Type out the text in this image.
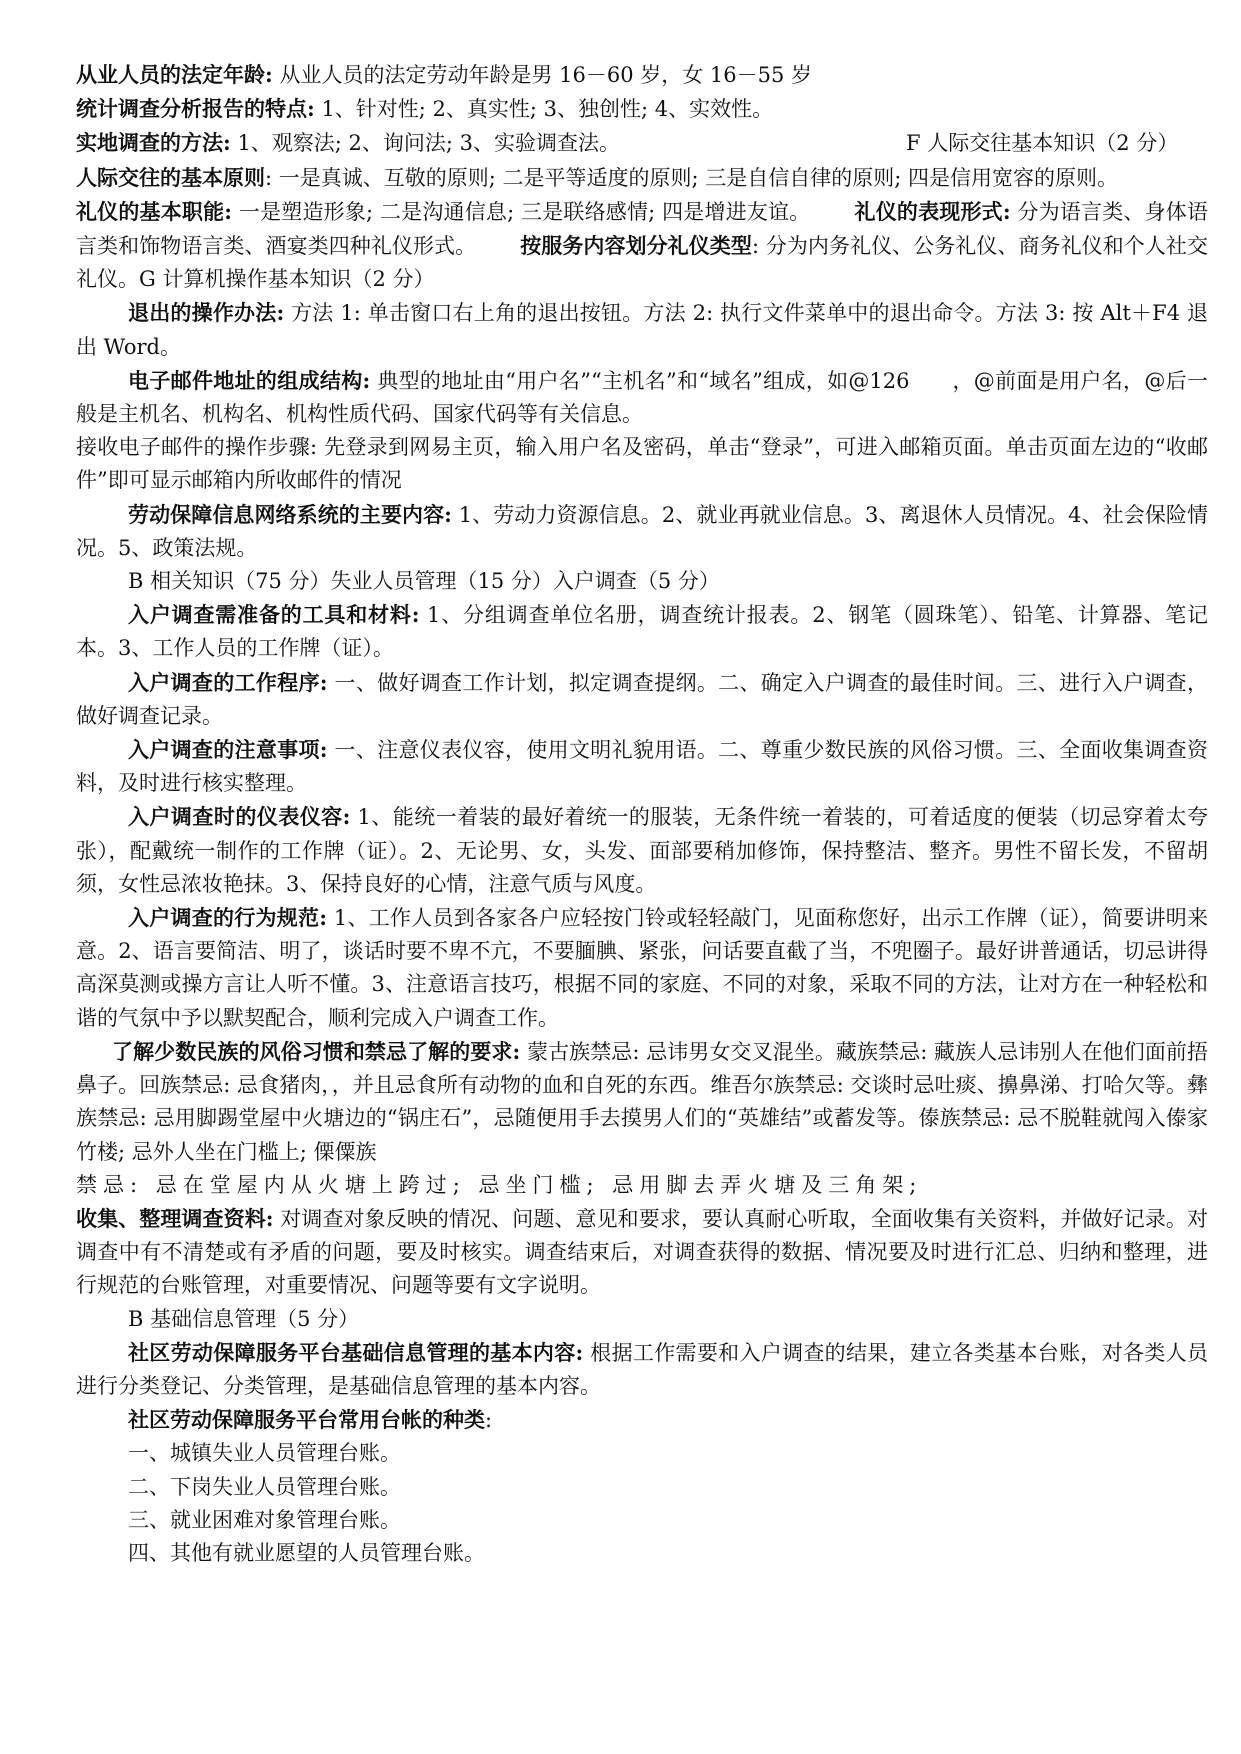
从业人员的法定年龄: 从业人员的法定劳动年龄是男 16－60 岁，女 16－55 岁

统计调查分析报告的特点: 1、针对性; 2、真实性; 3、独创性; 4、实效性。

实地调查的方法: 1、观察法; 2、询问法; 3、实验调查法。	F 人际交往基本知识（2 分）

人际交往的基本原则: 一是真诚、互敬的原则; 二是平等适度的原则; 三是自信自律的原则; 四是信用宽容的原则。

礼仪的基本职能: 一是塑造形象; 二是沟通信息; 三是联络感情; 四是增进友谊。 礼仪的表现形式: 分为语言类、身体语言类和饰物语言类、酒宴类四种礼仪形式。 按服务内容划分礼仪类型: 分为内务礼仪、公务礼仪、商务礼仪和个人社交礼仪。G 计算机操作基本知识（2 分）

退出的操作办法: 方法 1: 单击窗口右上角的退出按钮。方法 2: 执行文件菜单中的退出命令。方法 3: 按 Alt＋F4 退出 Word。

电子邮件地址的组成结构: 典型的地址由“用户名”“主机名”和“域名”组成，如@126　　，@前面是用户名，@后一般是主机名、机构名、机构性质代码、国家代码等有关信息。

接收电子邮件的操作步骤: 先登录到网易主页，输入用户名及密码，单击“登录”，可进入邮箱页面。单击页面左边的“收邮件”即可显示邮箱内所收邮件的情况

劳动保障信息网络系统的主要内容: 1、劳动力资源信息。2、就业再就业信息。3、离退休人员情况。4、社会保险情况。5、政策法规。

B 相关知识（75 分）失业人员管理（15 分）入户调查（5 分）

入户调查需准备的工具和材料: 1、分组调查单位名册，调查统计报表。2、钢笔（圆珠笔）、铅笔、计算器、笔记本。3、工作人员的工作牌（证）。

入户调查的工作程序: 一、做好调查工作计划，拟定调查提纲。二、确定入户调查的最佳时间。三、进行入户调查，做好调查记录。

入户调查的注意事项: 一、注意仪表仪容，使用文明礼貌用语。二、尊重少数民族的风俗习惯。三、全面收集调查资料，及时进行核实整理。

入户调查时的仪表仪容: 1、能统一着装的最好着统一的服装，无条件统一着装的，可着适度的便装（切忌穿着太夸张），配戴统一制作的工作牌（证）。2、无论男、女，头发、面部要稍加修饰，保持整洁、整齐。男性不留长发，不留胡须，女性忌浓妆艳抹。3、保持良好的心情，注意气质与风度。

入户调查的行为规范: 1、工作人员到各家各户应轻按门铃或轻轻敲门，见面称您好，出示工作牌（证），简要讲明来意。2、语言要简洁、明了，谈话时要不卑不亢，不要腼腆、紧张，问话要直截了当，不兜圈子。最好讲普通话，切忌讲得高深莫测或操方言让人听不懂。3、注意语言技巧，根据不同的家庭、不同的对象，采取不同的方法，让对方在一种轻松和谐的气氛中予以默契配合，顺利完成入户调查工作。

了解少数民族的风俗习惯和禁忌了解的要求: 蒙古族禁忌: 忌讳男女交叉混坐。藏族禁忌: 藏族人忌讳别人在他们面前捂鼻子。回族禁忌: 忌食猪肉，，并且忌食所有动物的血和自死的东西。维吾尔族禁忌: 交谈时忌吐痰、擤鼻涕、打哈欠等。彝族禁忌: 忌用脚踢堂屋中火塘边的“锅庄石”，忌随便用手去摸男人们的“英雄结”或蓄发等。傣族禁忌: 忌不脱鞋就闯入傣家竹楼; 忌外人坐在门槛上; 傈僳族

禁忌: 忌在堂屋内从火塘上跨过; 忌坐门槛; 忌用脚去弄火塘及三角架;

收集、整理调查资料: 对调查对象反映的情况、问题、意见和要求，要认真耐心听取，全面收集有关资料，并做好记录。对调查中有不清楚或有矛盾的问题，要及时核实。调查结束后，对调查获得的数据、情况要及时进行汇总、归纳和整理，进行规范的台账管理，对重要情况、问题等要有文字说明。

B 基础信息管理（5 分）

社区劳动保障服务平台基础信息管理的基本内容: 根据工作需要和入户调查的结果，建立各类基本台账，对各类人员进行分类登记、分类管理，是基础信息管理的基本内容。

社区劳动保障服务平台常用台帐的种类:

一、城镇失业人员管理台账。

二、下岗失业人员管理台账。

三、就业困难对象管理台账。

四、其他有就业愿望的人员管理台账。
